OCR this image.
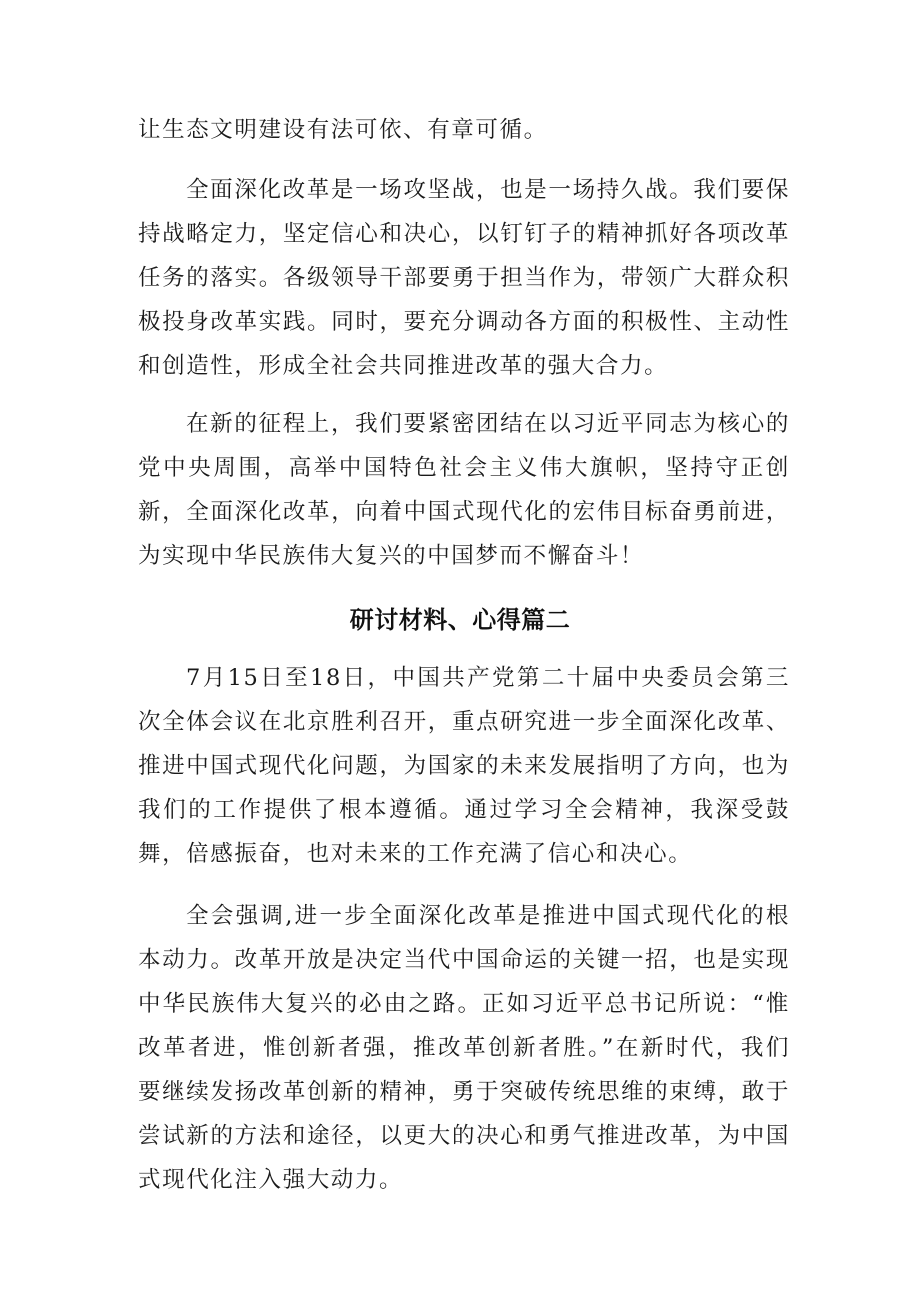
让生态文明建设有法可依、有章可循。

全面深化改革是一场攻坚战，也是一场持久战。我们要保持战略定力，坚定信心和决心，以钉钉子的精神抓好各项改革任务的落实。各级领导干部要勇于担当作为，带领广大群众积极投身改革实践。同时，要充分调动各方面的积极性、主动性和创造性，形成全社会共同推进改革的强大合力。

在新的征程上，我们要紧密团结在以习近平同志为核心的党中央周围，高举中国特色社会主义伟大旗帜，坚持守正创新，全面深化改革，向着中国式现代化的宏伟目标奋勇前进，为实现中华民族伟大复兴的中国梦而不懈奋斗！

研讨材料、心得篇二

7月15日至18日，中国共产党第二十届中央委员会第三次全体会议在北京胜利召开，重点研究进一步全面深化改革、推进中国式现代化问题，为国家的未来发展指明了方向，也为我们的工作提供了根本遵循。通过学习全会精神，我深受鼓舞，倍感振奋，也对未来的工作充满了信心和决心。

全会强调,进一步全面深化改革是推进中国式现代化的根本动力。改革开放是决定当代中国命运的关键一招，也是实现中华民族伟大复兴的必由之路。正如习近平总书记所说：“惟改革者进，惟创新者强，推改革创新者胜。”在新时代，我们要继续发扬改革创新的精神，勇于突破传统思维的束缚，敢于尝试新的方法和途径，以更大的决心和勇气推进改革，为中国式现代化注入强大动力。
